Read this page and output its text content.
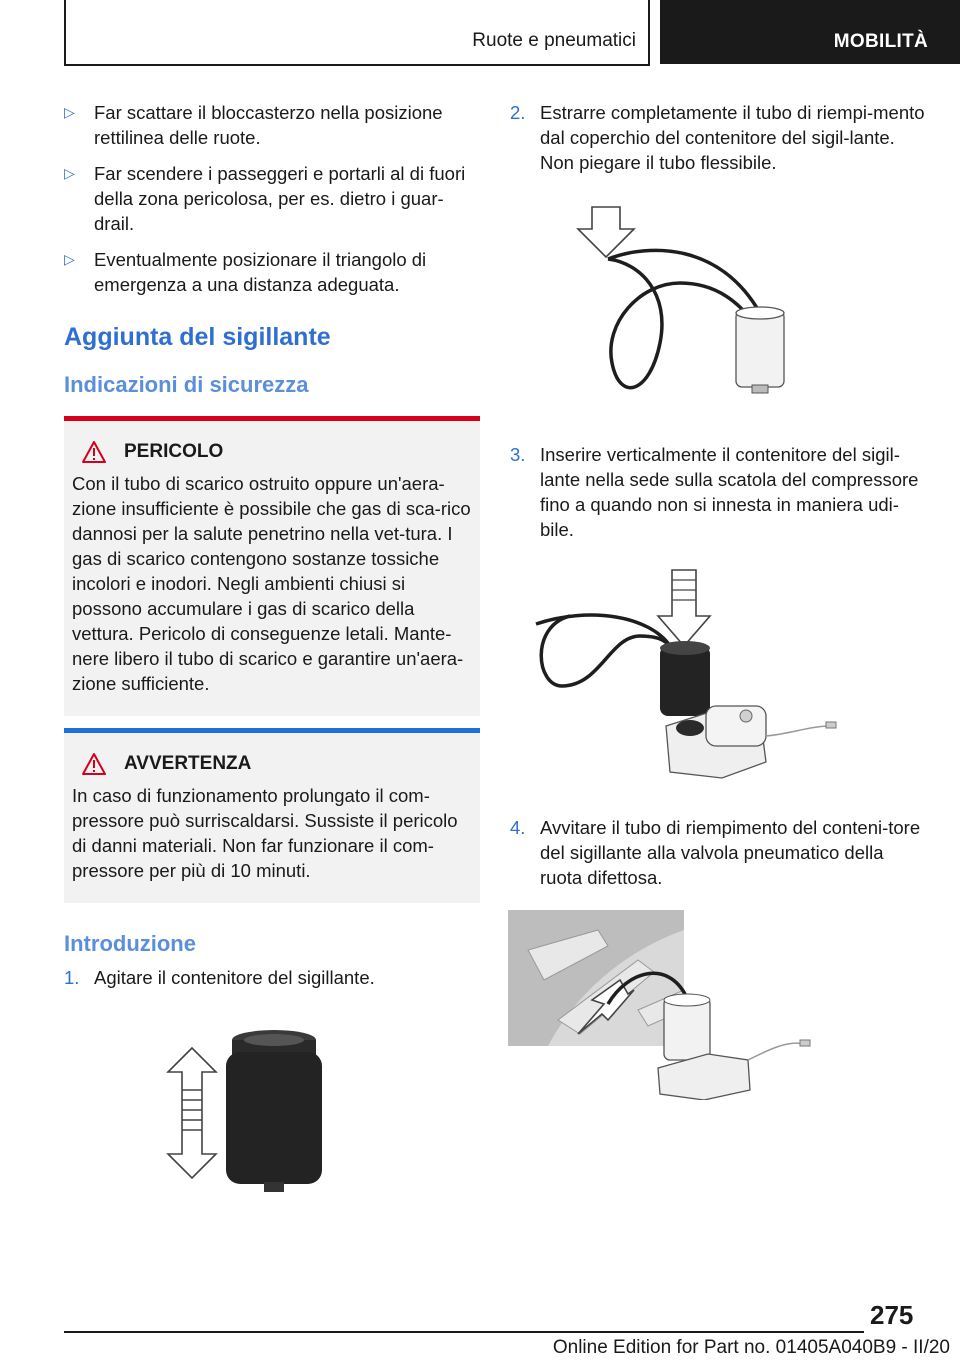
Ruote e pneumatici	MOBILITÀ
▷ Far scattare il bloccasterzo nella posizione rettilinea delle ruote.
▷ Far scendere i passeggeri e portarli al di fuori della zona pericolosa, per es. dietro i guar-drail.
▷ Eventualmente posizionare il triangolo di emergenza a una distanza adeguata.
Aggiunta del sigillante
Indicazioni di sicurezza
PERICOLO
Con il tubo di scarico ostruito oppure un'aera-zione insufficiente è possibile che gas di sca-rico dannosi per la salute penetrino nella vet-tura. I gas di scarico contengono sostanze tossiche incolori e inodori. Negli ambienti chiusi si possono accumulare i gas di scarico della vettura. Pericolo di conseguenze letali. Mante-nere libero il tubo di scarico e garantire un'aera-zione sufficiente.
AVVERTENZA
In caso di funzionamento prolungato il com-pressore può surriscaldarsi. Sussiste il pericolo di danni materiali. Non far funzionare il com-pressore per più di 10 minuti.
Introduzione
1. Agitare il contenitore del sigillante.
2. Estrarre completamente il tubo di riempi-mento dal coperchio del contenitore del sigil-lante. Non piegare il tubo flessibile.
3. Inserire verticalmente il contenitore del sigil-lante nella sede sulla scatola del compressore fino a quando non si innesta in maniera udi-bile.
4. Avvitare il tubo di riempimento del conteni-tore del sigillante alla valvola pneumatico della ruota difettosa.
275
Online Edition for Part no. 01405A040B9 - II/20
